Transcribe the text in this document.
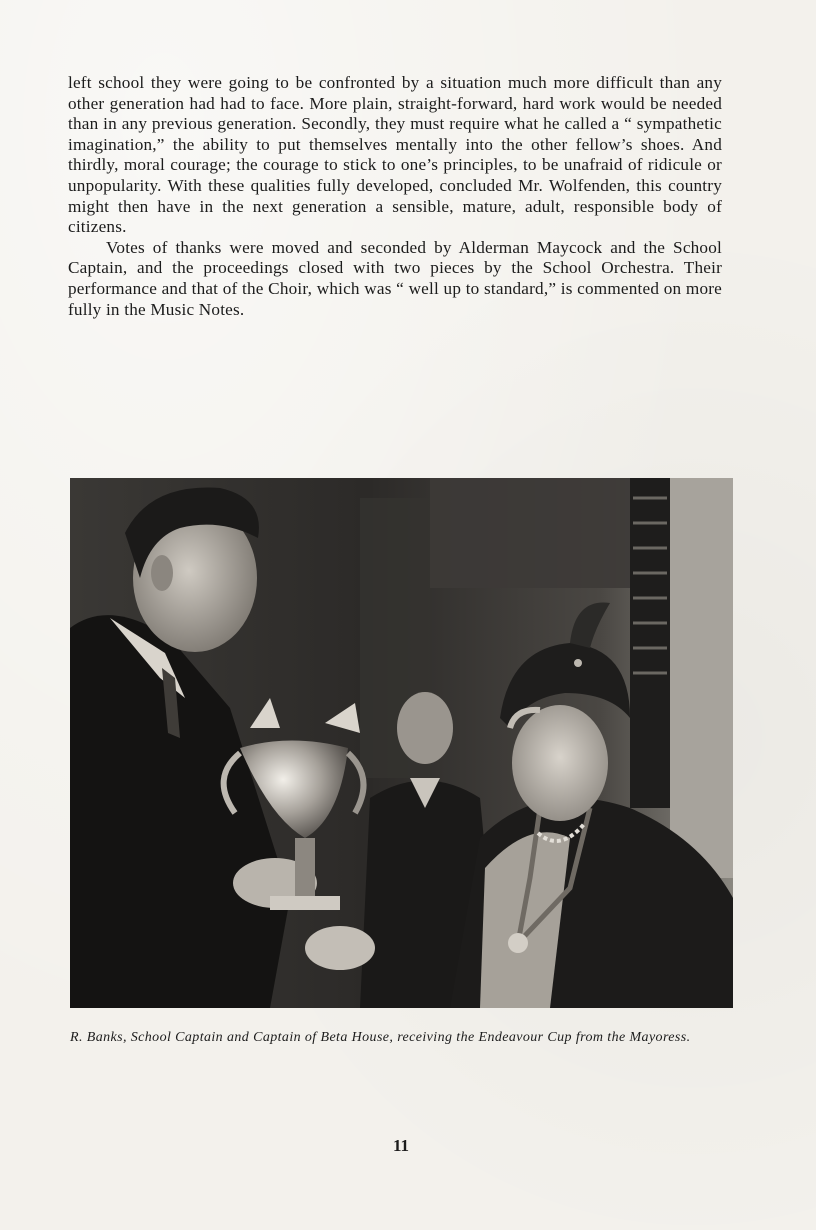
left school they were going to be confronted by a situation much more difficult than any other generation had had to face. More plain, straight-forward, hard work would be needed than in any previous generation. Secondly, they must require what he called a “ sympathetic imagination,” the ability to put themselves mentally into the other fellow’s shoes. And thirdly, moral courage; the courage to stick to one’s principles, to be unafraid of ridicule or unpopularity. With these qualities fully developed, concluded Mr. Wolfenden, this country might then have in the next generation a sensible, mature, adult, responsible body of citizens.

Votes of thanks were moved and seconded by Alderman Maycock and the School Captain, and the proceedings closed with two pieces by the School Orchestra. Their performance and that of the Choir, which was “ well up to standard,” is commented on more fully in the Music Notes.

R. Banks, School Captain and Captain of Beta House, receiving the Endeavour Cup from the Mayoress.
11
